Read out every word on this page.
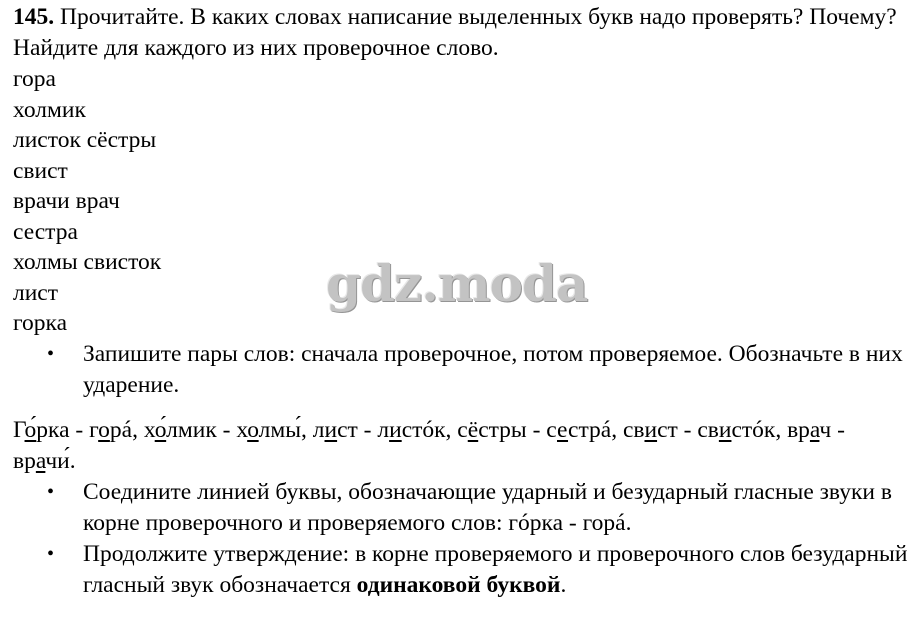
145. Прочитайте. В каких словах написание выделенных букв надо проверять? Почему? Найдите для каждого из них проверочное слово.

гора
холмик
листок сёстры
свист
врачи врач
сестра
холмы свисток
лист
горка
• Запишите пары слов: сначала проверочное, потом проверяемое. Обозначьте в них ударение.

Го́рка - горá, хо́лмик - холмы́, лист - листóк, сёстры - сестрá, свист - свистóк, врач - врачи́.

• Соедините линией буквы, обозначающие ударный и безударный гласные звуки в корне проверочного и проверяемого слов: гóрка - горá.
• Продолжите утверждение: в корне проверяемого и проверочного слов безударный гласный звук обозначается одинаковой буквой.
gdz.moda
